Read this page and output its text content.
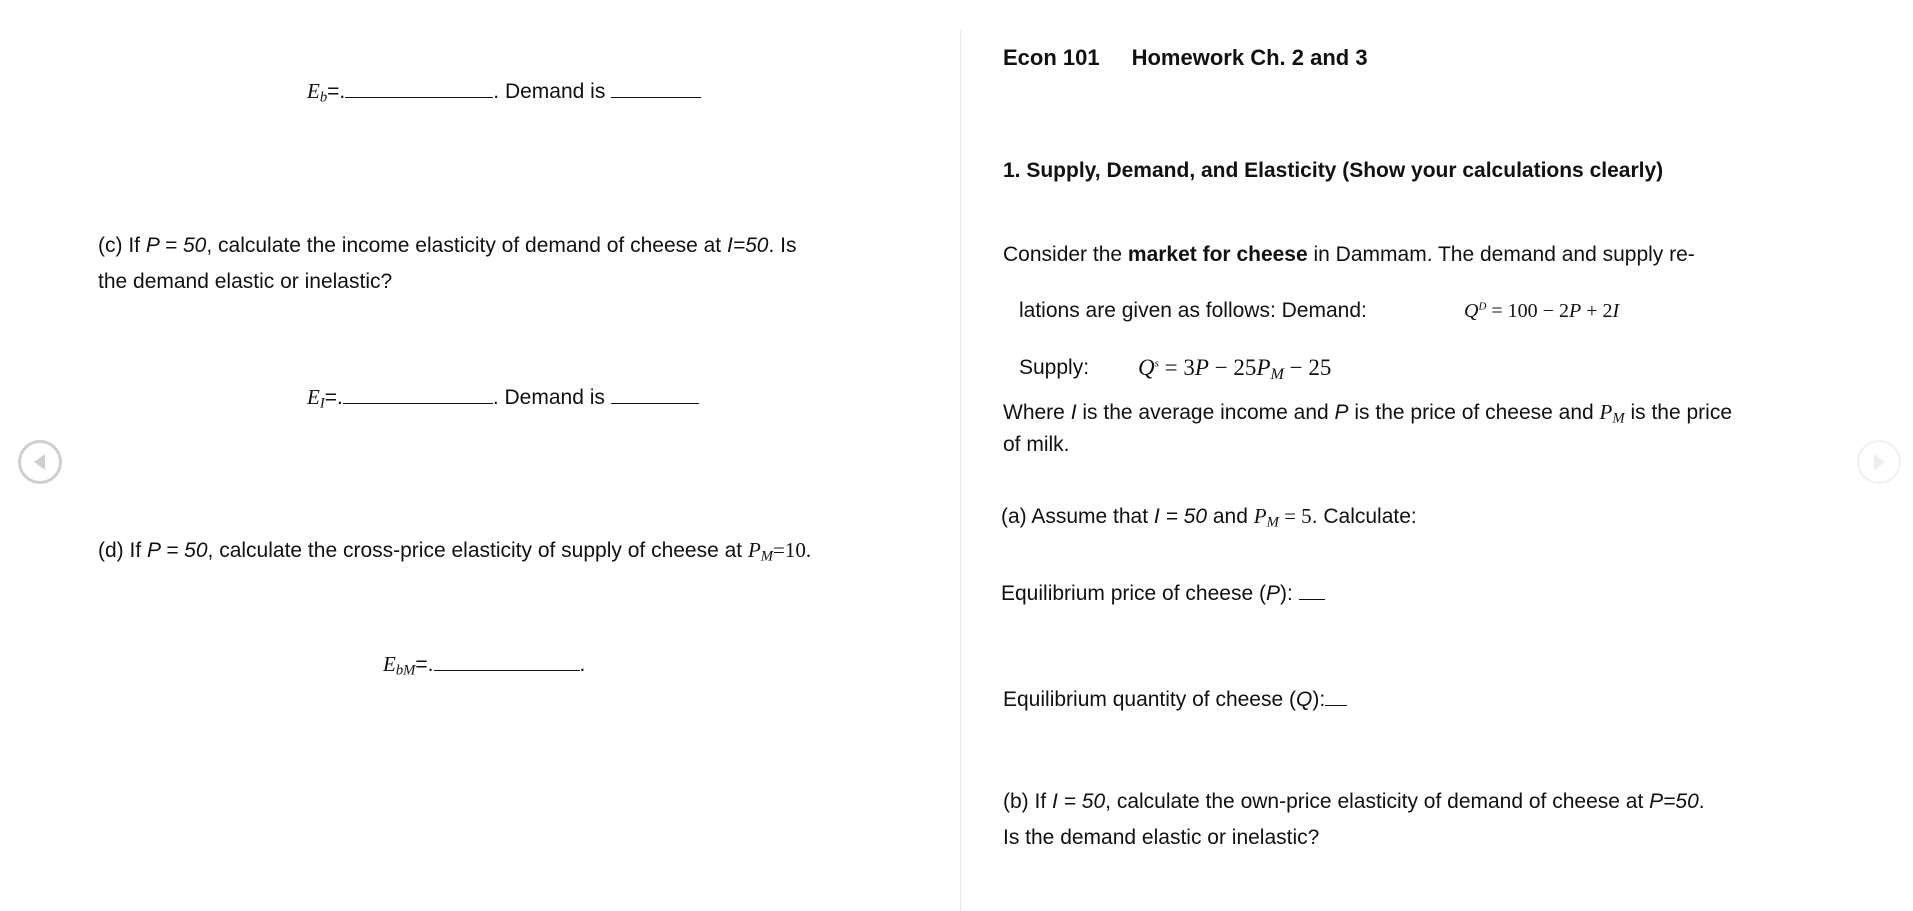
$E_b=$.	. Demand is
(c) If P = 50, calculate the income elasticity of demand of cheese at I=50. Is
the demand elastic or inelastic?
$E_I=$.	. Demand is
(d) If P = 50, calculate the cross-price elasticity of supply of cheese at $P_M=10$.
$E_{bM}=$.	.
Econ 101 Homework Ch. 2 and 3
1. Supply, Demand, and Elasticity (Show your calculations clearly)
Consider the market for cheese in Dammam. The demand and supply re-
lations are given as follows: Demand:	$Q^D = 100 - 2P + 2I$
Supply: $Q^s = 3P - 25P_M - 25$
Where I is the average income and P is the price of cheese and $P_M$ is the price
of milk.
(a) Assume that I = 50 and $P_M = 5$. Calculate:
Equilibrium price of cheese (P):
Equilibrium quantity of cheese (Q):
(b) If I = 50, calculate the own-price elasticity of demand of cheese at P=50.
Is the demand elastic or inelastic?
